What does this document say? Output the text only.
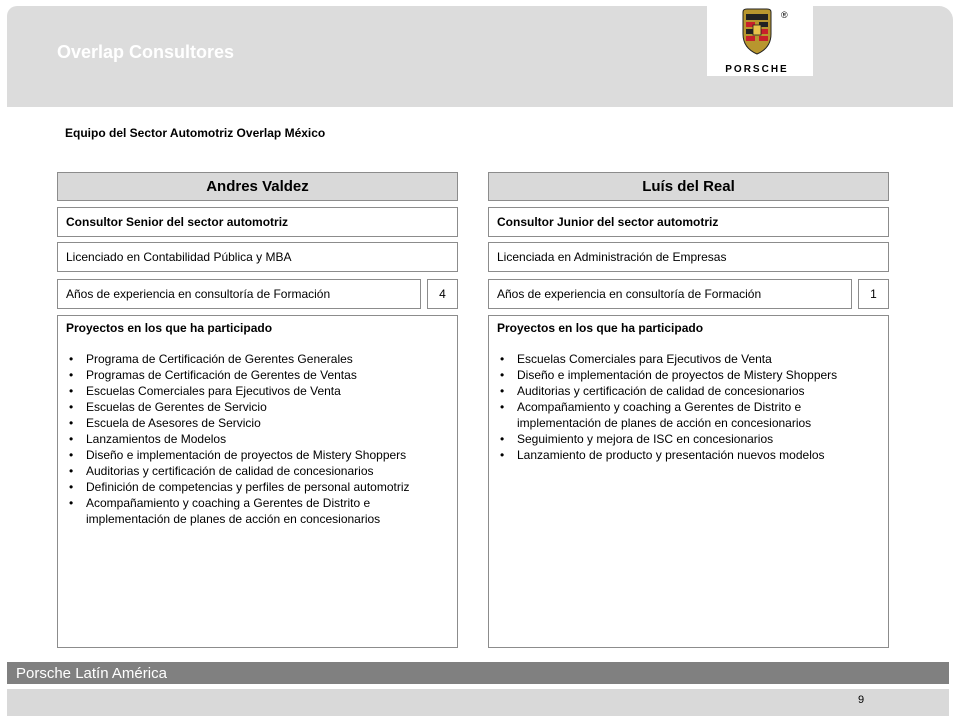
Overlap Consultores
PORSCHE
®
Equipo del Sector Automotriz Overlap México
Andres Valdez
Consultor Senior del sector automotriz
Licenciado en Contabilidad Pública y MBA
Años de experiencia en consultoría de Formación	4
Proyectos en los que ha participado
• Programa de Certificación de Gerentes Generales
• Programas de Certificación de Gerentes de Ventas
• Escuelas Comerciales para Ejecutivos de Venta
• Escuelas de Gerentes de Servicio
• Escuela de Asesores de Servicio
• Lanzamientos de Modelos
• Diseño e implementación de proyectos de Mistery Shoppers
• Auditorias y certificación de calidad de concesionarios
• Definición de competencias y perfiles de personal automotriz
• Acompañamiento y coaching a Gerentes de Distrito e implementación de planes de acción en concesionarios
Luís del Real
Consultor Junior del sector automotriz
Licenciada en Administración de Empresas
Años de experiencia en consultoría de Formación	1
Proyectos en los que ha participado
• Escuelas Comerciales para Ejecutivos de Venta
• Diseño e implementación de proyectos de Mistery Shoppers
• Auditorias y certificación de calidad de concesionarios
• Acompañamiento y coaching a Gerentes de Distrito e implementación de planes de acción en concesionarios
• Seguimiento y mejora de ISC en concesionarios
• Lanzamiento de producto y presentación nuevos modelos
Porsche Latín América
9
